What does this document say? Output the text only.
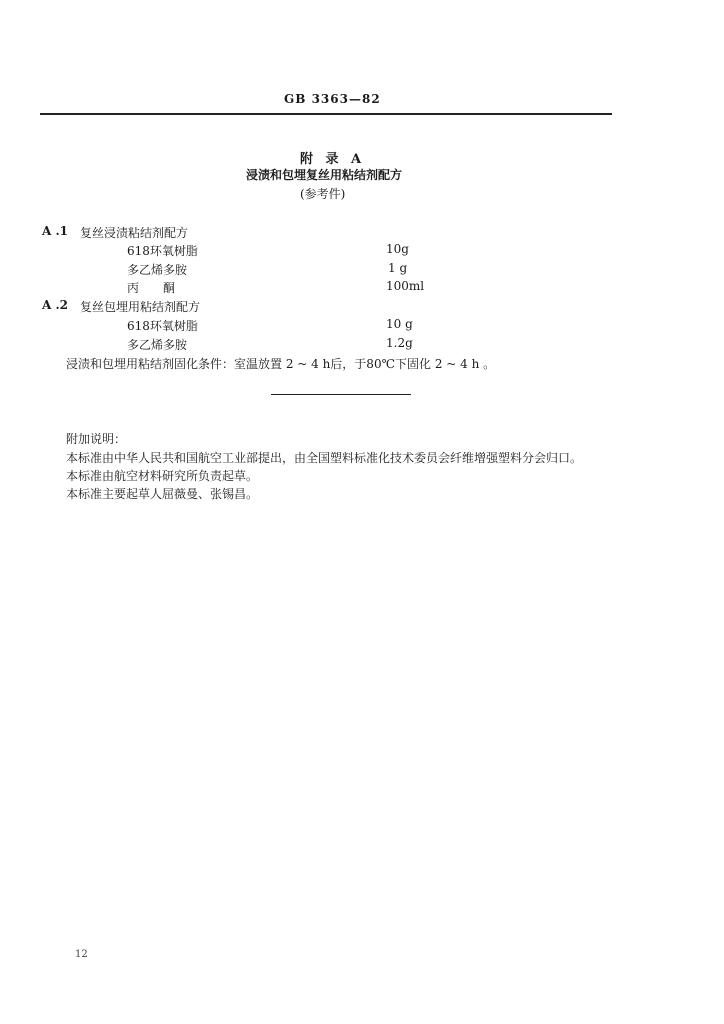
GB 3363—82
附 录 A
浸渍和包埋复丝用粘结剂配方
(参考件)
A .1 复丝浸渍粘结剂配方
618环氧树脂	10g
多乙烯多胺	1 g
丙　　酮	100ml
A .2 复丝包埋用粘结剂配方
618环氧树脂	10 g
多乙烯多胺	1.2g
浸渍和包埋用粘结剂固化条件：室温放置 2 ~ 4 h后，于80℃下固化 2 ~ 4 h 。
附加说明：
本标准由中华人民共和国航空工业部提出，由全国塑料标准化技术委员会纤维增强塑料分会归口。
本标准由航空材料研究所负责起草。
本标准主要起草人屈薇曼、张锡昌。
12
